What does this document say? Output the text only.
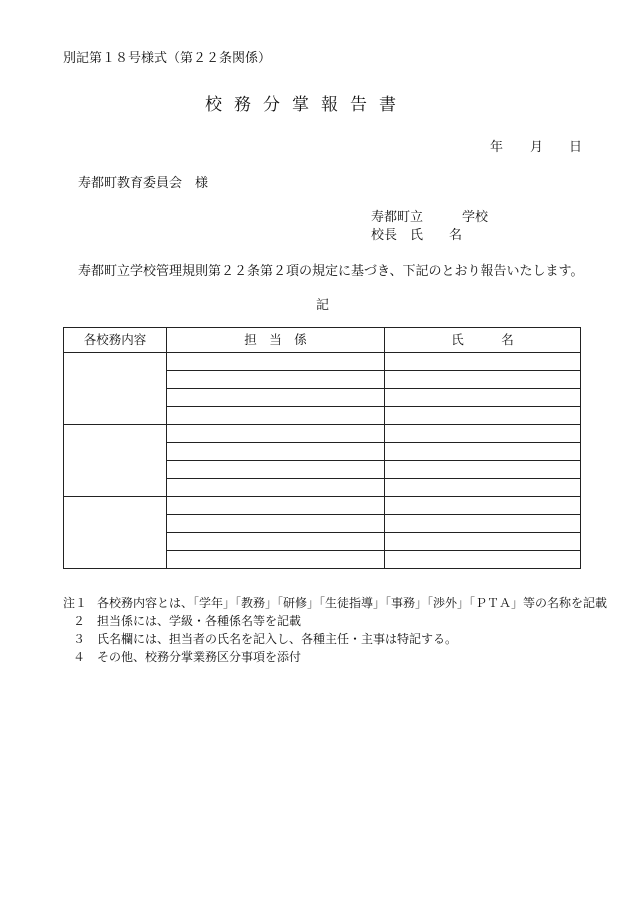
別記第１８号様式（第２２条関係）
校務分掌報告書
年 月 日
寿都町教育委員会　様
寿都町立　　　学校
校長　氏　　名
寿都町立学校管理規則第２２条第２項の規定に基づき、下記のとおり報告いたします。
記
各校務内容	担　当　係	氏　　　名

注１ 各校務内容とは、「学年」「教務」「研修」「生徒指導」「事務」「渉外」「ＰＴＡ」等の名称を記載
２ 担当係には、学級・各種係名等を記載
３ 氏名欄には、担当者の氏名を記入し、各種主任・主事は特記する。
４ その他、校務分掌業務区分事項を添付
